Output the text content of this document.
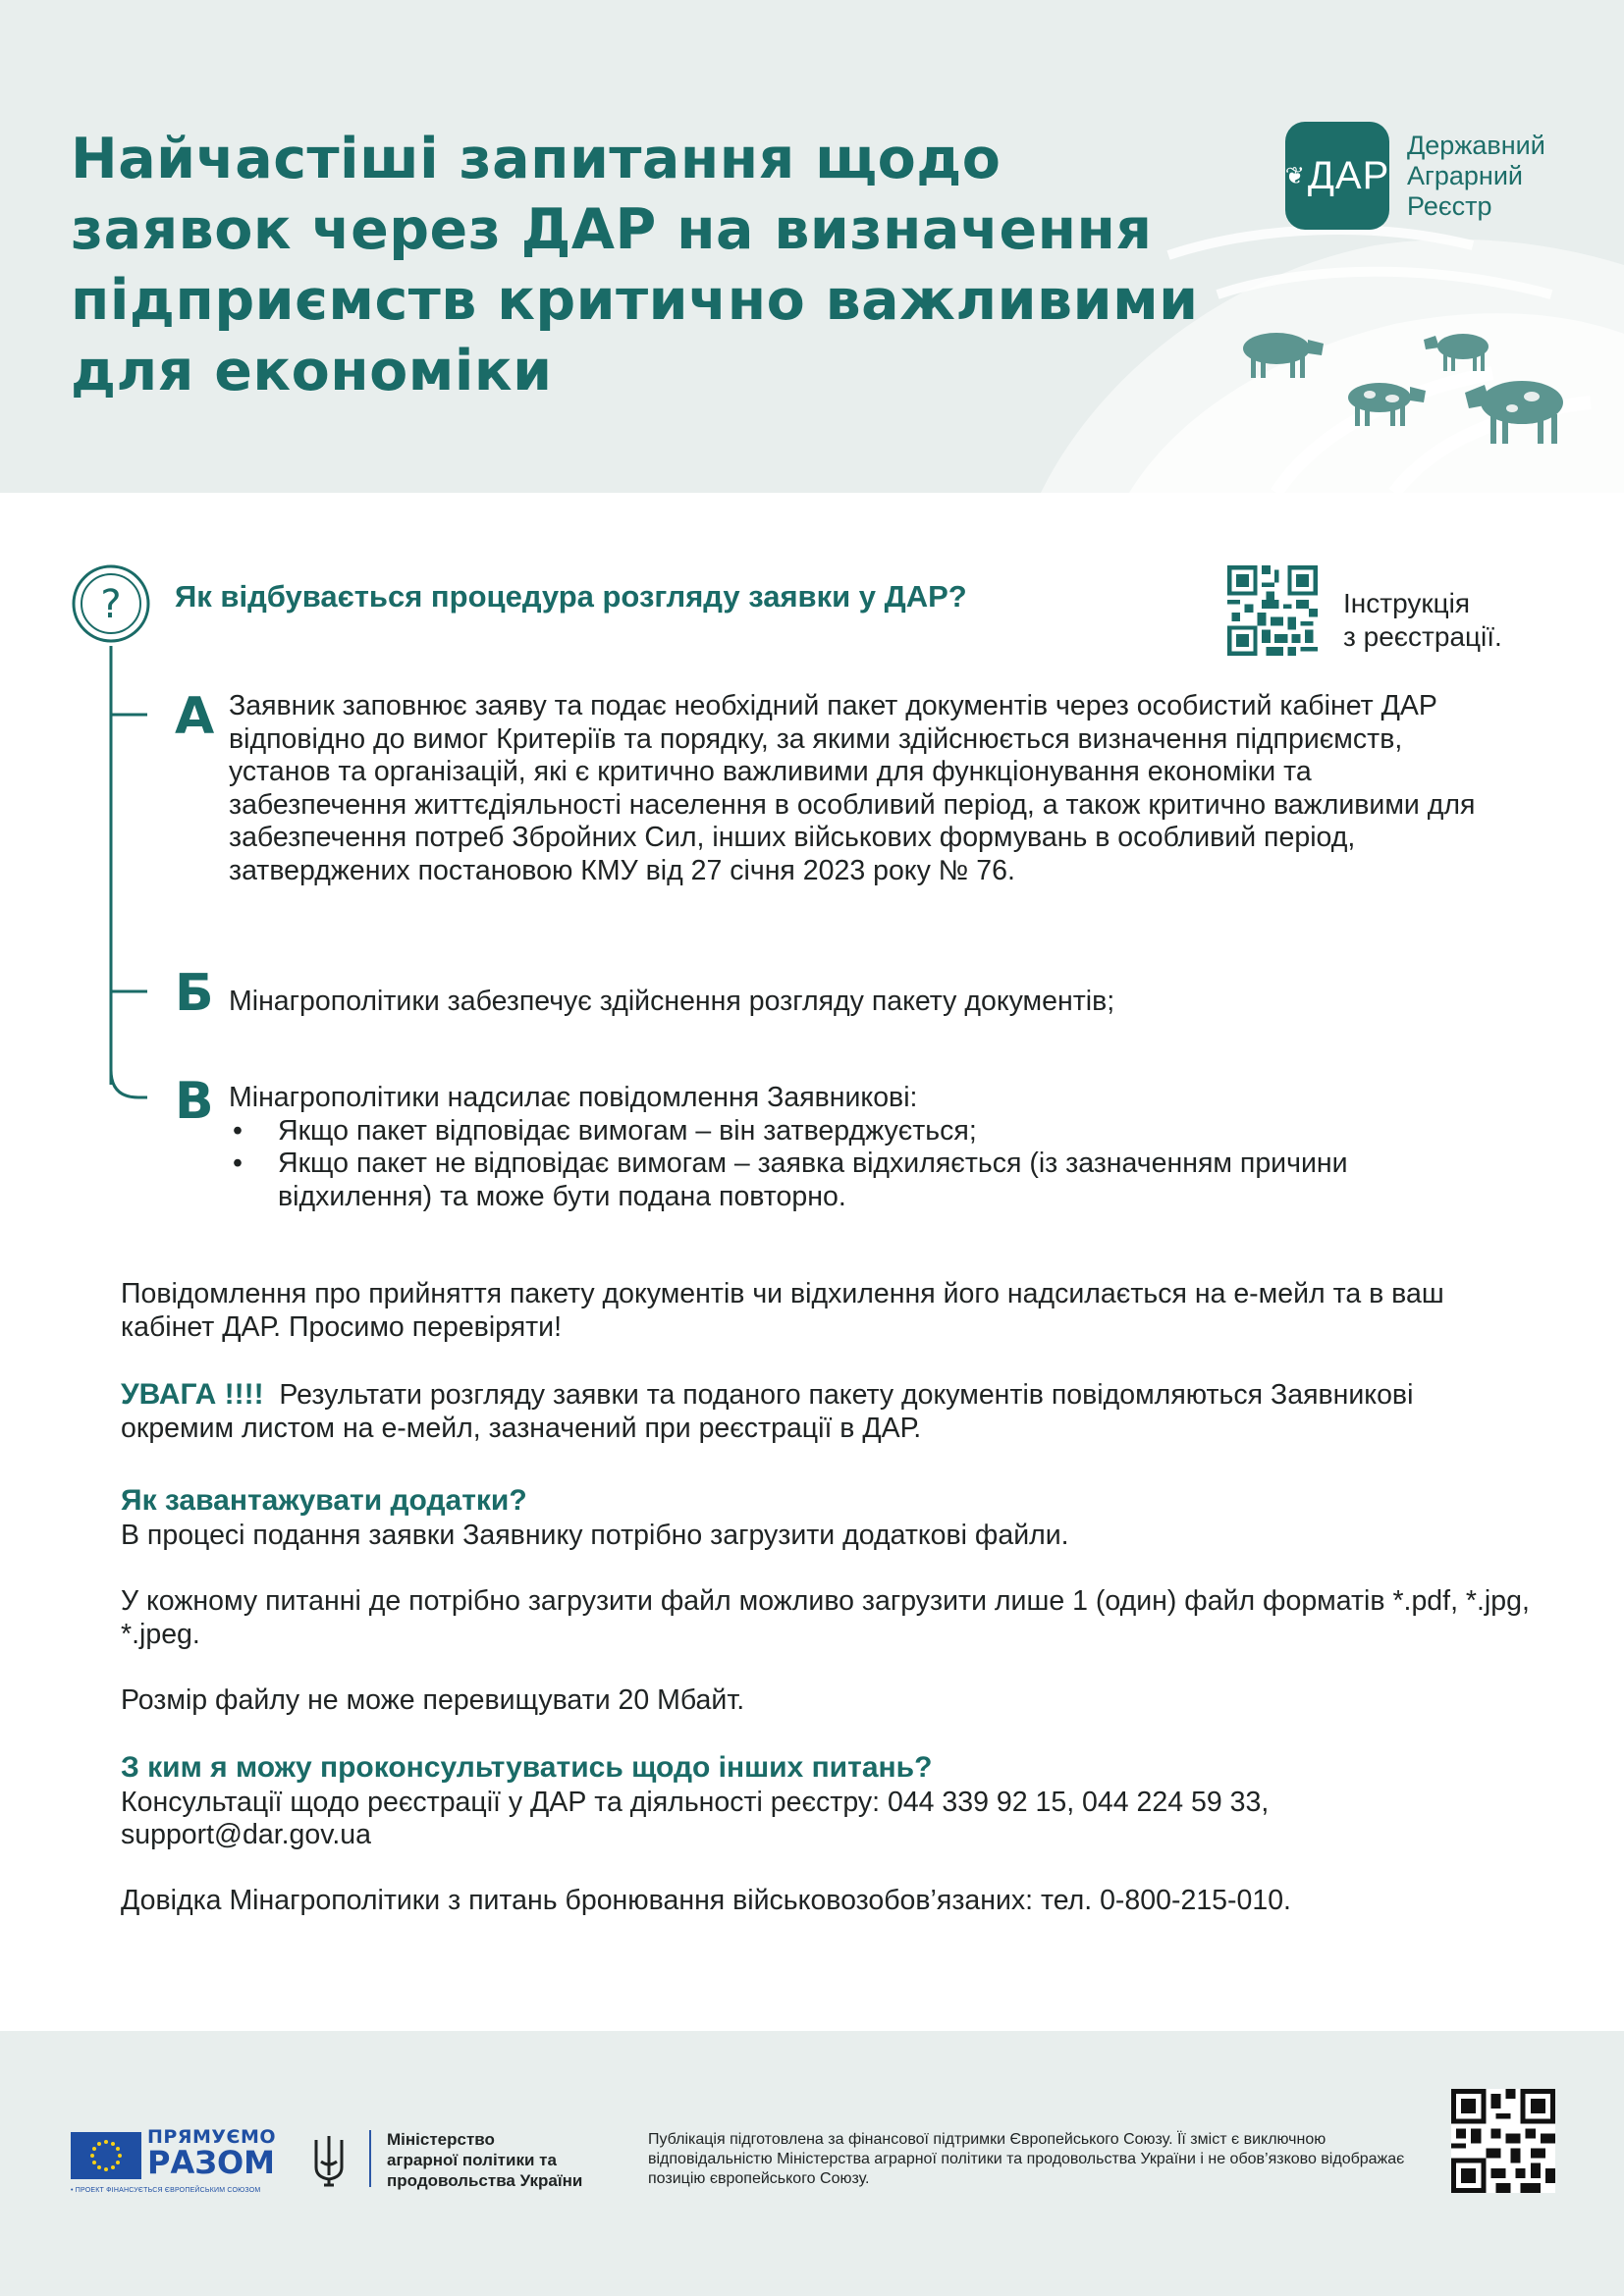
Найчастіші запитання щодо заявок через ДАР на визначення підприємств критично важливими для економіки
❦ ДАР
Державний
Аграрний
Реєстр
? Як відбувається процедура розгляду заявки у ДАР?	Інструкція
з реєстрації.
А Заявник заповнює заяву та подає необхідний пакет документів через особистий кабінет ДАР відповідно до вимог Критеріїв та порядку, за якими здійснюється визначення підприємств, установ та організацій, які є критично важливими для функціонування економіки та забезпечення життєдіяльності населення в особливий період, а також критично важливими для забезпечення потреб Збройних Сил, інших військових формувань в особливий період, затверджених постановою КМУ від 27 січня 2023 року № 76.
Б Мінагрополітики забезпечує здійснення розгляду пакету документів;
В Мінагрополітики надсилає повідомлення Заявникові:
• Якщо пакет відповідає вимогам – він затверджується;
• Якщо пакет не відповідає вимогам – заявка відхиляється (із зазначенням причини відхилення) та може бути подана повторно.

Повідомлення про прийняття пакету документів чи відхилення його надсилається на е-мейл та в ваш кабінет ДАР. Просимо перевіряти!

УВАГА !!!! Результати розгляду заявки та поданого пакету документів повідомляються Заявникові окремим листом на е-мейл, зазначений при реєстрації в ДАР.

Як завантажувати додатки?

В процесі подання заявки Заявнику потрібно загрузити додаткові файли.

У кожному питанні де потрібно загрузити файл можливо загрузити лише 1 (один) файл форматів *.pdf, *.jpg, *.jpeg.

Розмір файлу не може перевищувати 20 Мбайт.

З ким я можу проконсультуватись щодо інших питань?

Консультації щодо реєстрації у ДАР та діяльності реєстру: 044 339 92 15, 044 224 59 33,

support@dar.gov.ua

Довідка Мінагрополітики з питань бронювання військовозобов’язаних: тел. 0-800-215-010.

ПРЯМУЄМО
РАЗОМ
• ПРОЕКТ ФІНАНСУЄТЬСЯ ЄВРОПЕЙСЬКИМ СОЮЗОМ
Міністерство
аграрної політики та
продовольства України
Публікація підготовлена за фінансової підтримки Європейського Союзу. Її зміст є виключною відповідальністю Міністерства аграрної політики та продовольства України і не обов’язково відображає позицію європейського Союзу.
